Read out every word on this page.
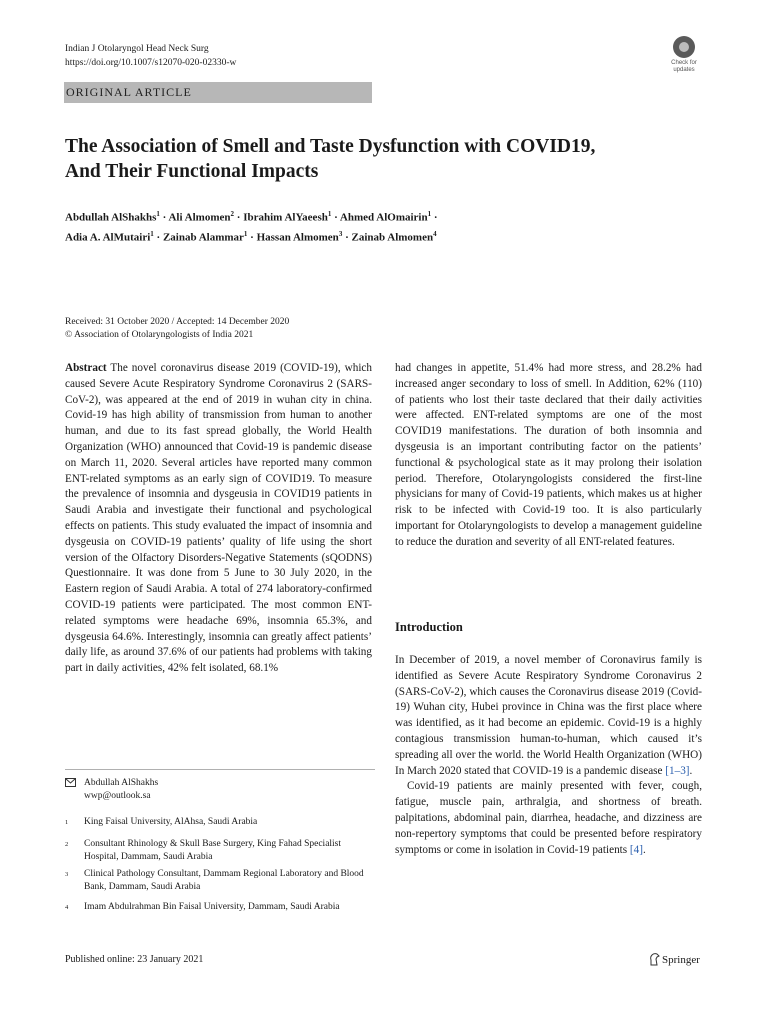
Indian J Otolaryngol Head Neck Surg
https://doi.org/10.1007/s12070-020-02330-w
ORIGINAL ARTICLE
Check for updates
The Association of Smell and Taste Dysfunction with COVID19,
And Their Functional Impacts
Abdullah AlShakhs$^1$ · Ali Almomen$^2$ · Ibrahim AlYaeesh$^1$ · Ahmed AlOmairin$^1$ ·
Adia A. AlMutairi$^1$ · Zainab Alammar$^1$ · Hassan Almomen$^3$ · Zainab Almomen$^4$
Received: 31 October 2020 / Accepted: 14 December 2020
© Association of Otolaryngologists of India 2021

Abstract The novel coronavirus disease 2019 (COVID-19), which caused Severe Acute Respiratory Syndrome Coronavirus 2 (SARS-CoV-2), was appeared at the end of 2019 in wuhan city in china. Covid-19 has high ability of transmission from human to another human, and due to its fast spread globally, the World Health Organization (WHO) announced that Covid-19 is pandemic disease on March 11, 2020. Several articles have reported many common ENT-related symptoms as an early sign of COVID19. To measure the prevalence of insomnia and dysgeusia in COVID19 patients in Saudi Arabia and investigate their functional and psychological effects on patients. This study evaluated the impact of insomnia and dysgeusia on COVID-19 patients’ quality of life using the short version of the Olfactory Disorders-Negative Statements (sQODNS) Questionnaire. It was done from 5 June to 30 July 2020, in the Eastern region of Saudi Arabia. A total of 274 laboratory-confirmed COVID-19 patients were participated. The most common ENT-related symptoms were headache 69%, insomnia 65.3%, and dysgeusia 64.6%. Interestingly, insomnia can greatly affect patients’ daily life, as around 37.6% of our patients had problems with taking part in daily activities, 42% felt isolated, 68.1%

had changes in appetite, 51.4% had more stress, and 28.2% had increased anger secondary to loss of smell. In Addition, 62% (110) of patients who lost their taste declared that their daily activities were affected. ENT-related symptoms are one of the most COVID19 manifestations. The duration of both insomnia and dysgeusia is an important contributing factor on the patients’ functional & psychological state as it may prolong their isolation period. Therefore, Otolaryngologists considered the first-line physicians for many of Covid-19 patients, which makes us at higher risk to be infected with Covid-19 too. It is also particularly important for Otolaryngologists to develop a management guideline to reduce the duration and severity of all ENT-related features.

Introduction

In December of 2019, a novel member of Coronavirus family is identified as Severe Acute Respiratory Syndrome Coronavirus 2 (SARS-CoV-2), which causes the Coronavirus disease 2019 (Covid-19) Wuhan city, Hubei province in China was the first place where was identified, as it had become an epidemic. Covid-19 is a highly contagious transmission human-to-human, which caused it’s spreading all over the world. the World Health Organization (WHO) In March 2020 stated that COVID-19 is a pandemic disease [1–3].

Covid-19 patients are mainly presented with fever, cough, fatigue, muscle pain, arthralgia, and shortness of breath. palpitations, abdominal pain, diarrhea, headache, and dizziness are non-repertory symptoms that could be presented before respiratory symptoms or come in isolation in Covid-19 patients [4].

Abdullah AlShakhs
wwp@outlook.sa
1 King Faisal University, AlAhsa, Saudi Arabia
2 Consultant Rhinology & Skull Base Surgery, King Fahad Specialist Hospital, Dammam, Saudi Arabia
3 Clinical Pathology Consultant, Dammam Regional Laboratory and Blood Bank, Dammam, Saudi Arabia
4 Imam Abdulrahman Bin Faisal University, Dammam, Saudi Arabia
Published online: 23 January 2021	Springer
